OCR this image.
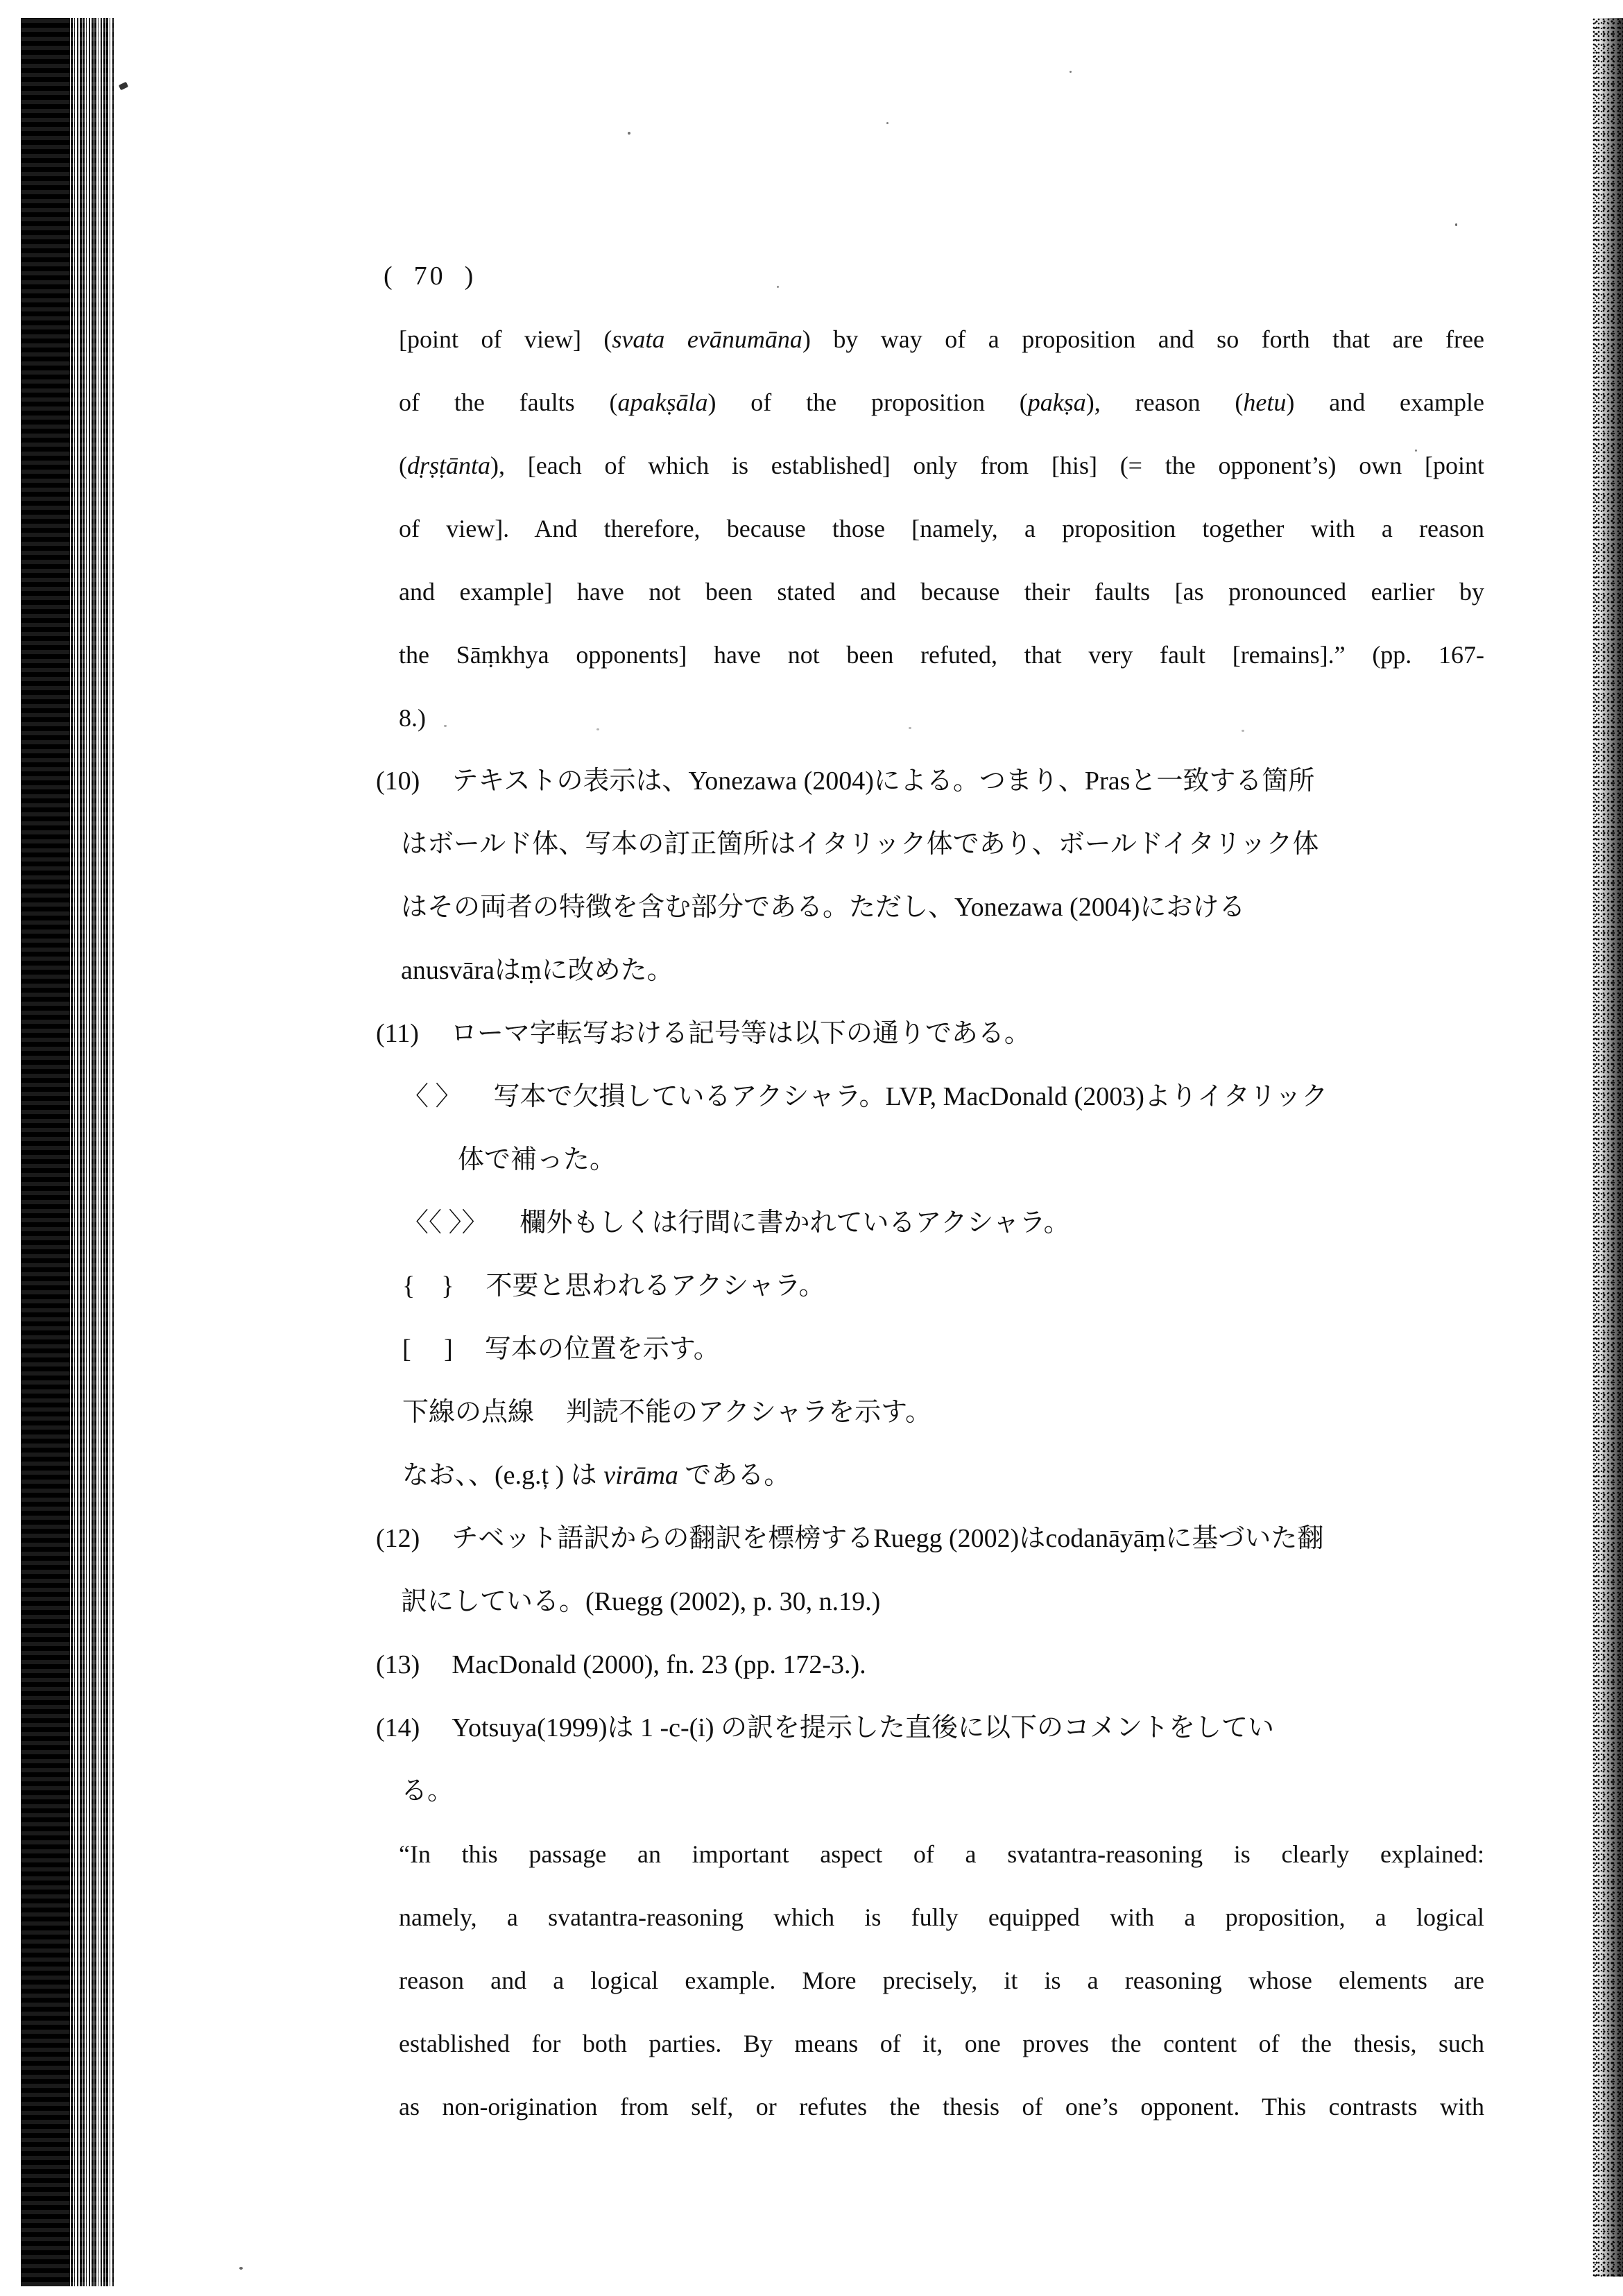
(  70  )
[point of view] (svata evānumāna) by way of a proposition and so forth that are free
of the faults (apakṣāla) of the proposition (pakṣa), reason (hetu) and example
(dṛṣṭānta), [each of which is established] only from [his] (= the opponent’s) own [point
of view]. And therefore, because those [namely, a proposition together with a reason
and example] have not been stated and because their faults [as pronounced earlier by
the Sāṃkhya opponents] have not been refuted, that very fault [remains].” (pp. 167-
8.)
(10) テキストの表示は、Yonezawa (2004)による。つまり、Prasと一致する箇所
はボールド体、写本の訂正箇所はイタリック体であり、ボールドイタリック体
はその両者の特徴を含む部分である。ただし、Yonezawa (2004)における
anusvāraはṃに改めた。
(11) ローマ字転写おける記号等は以下の通りである。
〈 〉 写本で欠損しているアクシャラ。LVP, MacDonald (2003)よりイタリック
体で補った。
〈〈 〉〉 欄外もしくは行間に書かれているアクシャラ。
{　} 不要と思われるアクシャラ。
[　 ] 写本の位置を示す。
下線の点線 判読不能のアクシャラを示す。
なお、、(e.g.ț ) は virāma である。
(12) チベット語訳からの翻訳を標榜するRuegg (2002)はcodanāyāṃに基づいた翻
訳にしている。(Ruegg (2002), p. 30, n.19.)
(13) MacDonald (2000), fn. 23 (pp. 172-3.).
(14) Yotsuya(1999)は 1 -c-(i) の訳を提示した直後に以下のコメントをしてい
る。
“In this passage an important aspect of a svatantra-reasoning is clearly explained:
namely, a svatantra-reasoning which is fully equipped with a proposition, a logical
reason and a logical example. More precisely, it is a reasoning whose elements are
established for both parties. By means of it, one proves the content of the thesis, such
as non-origination from self, or refutes the thesis of one’s opponent. This contrasts with
